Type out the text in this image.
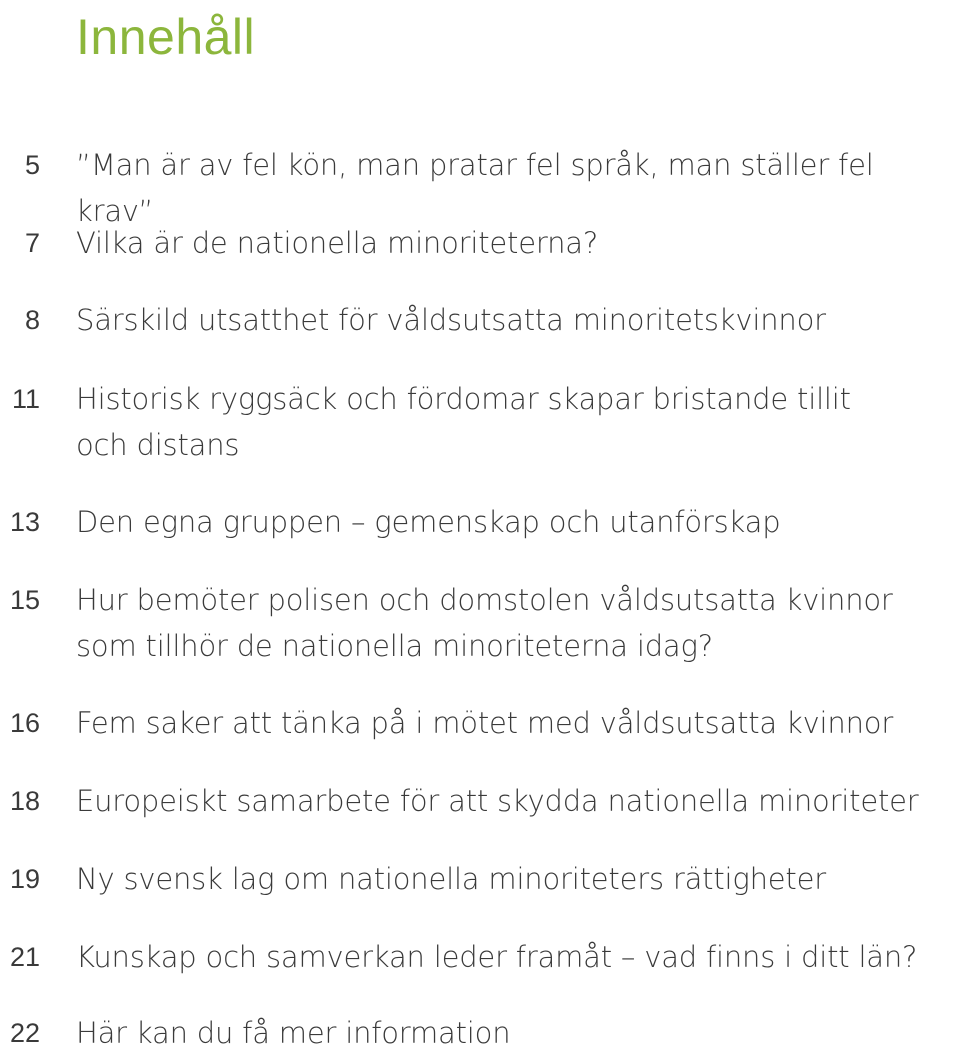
Innehåll
5 ”Man är av fel kön, man pratar fel språk, man ställer fel krav”
7 Vilka är de nationella minoriteterna?
8 Särskild utsatthet för våldsutsatta minoritetskvinnor
11 Historisk ryggsäck och fördomar skapar bristande tillit och distans
13 Den egna gruppen – gemenskap och utanförskap
15 Hur bemöter polisen och domstolen våldsutsatta kvinnor som tillhör de nationella minoriteterna idag?
16 Fem saker att tänka på i mötet med våldsutsatta kvinnor
18 Europeiskt samarbete för att skydda nationella minoriteter
19 Ny svensk lag om nationella minoriteters rättigheter
21 Kunskap och samverkan leder framåt – vad finns i ditt län?
22 Här kan du få mer information
